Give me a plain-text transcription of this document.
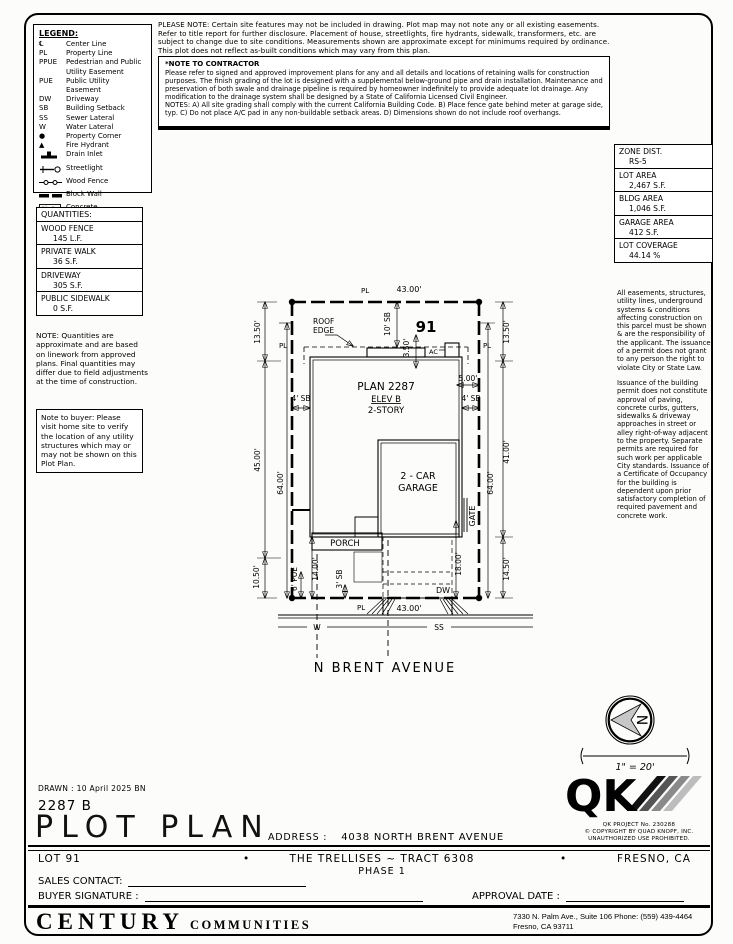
PLEASE NOTE: Certain site features may not be included in drawing. Plot map may not note any or all existing easements. Refer to title report for further disclosure. Placement of house, streetlights, fire hydrants, sidewalk, transformers, etc. are subject to change due to site conditions. Measurements shown are approximate except for minimums required by ordinance. This plot does not reflect as-built conditions which may vary from this plan.
*NOTE TO CONTRACTOR
Please refer to signed and approved improvement plans for any and all details and locations of retaining walls for construction purposes. The finish grading of the lot is designed with a supplemental below-ground pipe and drain installation. Maintenance and preservation of both swale and drainage pipeline is required by homeowner indefinitely to provide adequate lot drainage. Any modification to the drainage system shall be designed by a State of California Licensed Civil Engineer.
NOTES: A) All site grading shall comply with the current California Building Code. B) Place fence gate behind meter at garage side, typ. C) Do not place A/C pad in any non-buildable setback areas. D) Dimensions shown do not include roof overhangs.
LEGEND:
℄	Center Line
PL	Property Line
PPUE	Pedestrian and Public Utility Easement
PUE	Public Utility Easement
DW	Driveway
SB	Building Setback
SS	Sewer Lateral
W	Water Lateral
●	Property Corner
▲	Fire Hydrant
Drain Inlet
Streetlight
Wood Fence
Block Wall
QUANTITIES:
WOOD FENCE
145 L.F.
PRIVATE WALK
36 S.F.
DRIVEWAY
305 S.F.
PUBLIC SIDEWALK
0 S.F.
NOTE: Quantities are approximate and are based on linework from approved plans. Final quantities may differ due to field adjustments at the time of construction.
Note to buyer: Please visit home site to verify the location of any utility structures which may or may not be shown on this Plot Plan.
ZONE DIST.
RS-5
LOT AREA
2,467 S.F.
BLDG AREA
1,046 S.F.
GARAGE AREA
412 S.F.
LOT COVERAGE
44.14 %

All easements, structures, utility lines, underground systems & conditions affecting construction on this parcel must be shown & are the responsibility of the applicant. The issuance of a permit does not grant to any person the right to violate City or State Law.

Issuance of the building permit does not constitute approval of paving, concrete curbs, gutters, sidewalks & driveway approaches in street or alley right-of-way adjacent to the property. Separate permits are required for such work per applicable City standards. Issuance of a Certificate of Occupancy for the building is dependent upon prior satisfactory completion of required pavement and concrete work.

PL	43.00'
91
ROOF
EDGE
AC
5.00'
4' SB	4' SB
PLAN 2287
ELEV B
2-STORY
2 - CAR
GARAGE
PORCH
PL	PL
DW
PL	43.00'
W	SS
N BRENT AVENUE
13.50'
45.00'
10.50'
64.00'
13.50'
41.00'
14.50'
64.00'
10' SB
3.50'
6' PUE 14.00' 3' SB
18.00'
GATE
N
1" = 20'
QK
QK PROJECT No. 230288
© COPYRIGHT BY QUAD KNOPF, INC.
UNAUTHORIZED USE PROHIBITED.
DRAWN : 10 April 2025 BN
2287 B
PLOT PLAN
ADDRESS : 4038 NORTH BRENT AVENUE
LOT 91	•	THE TRELLISES ~ TRACT 6308	•	FRESNO, CA
PHASE 1
SALES CONTACT:
BUYER SIGNATURE :	APPROVAL DATE :
CENTURY COMMUNITIES
7330 N. Palm Ave., Suite 106 Phone: (559) 439-4464
Fresno, CA 93711
